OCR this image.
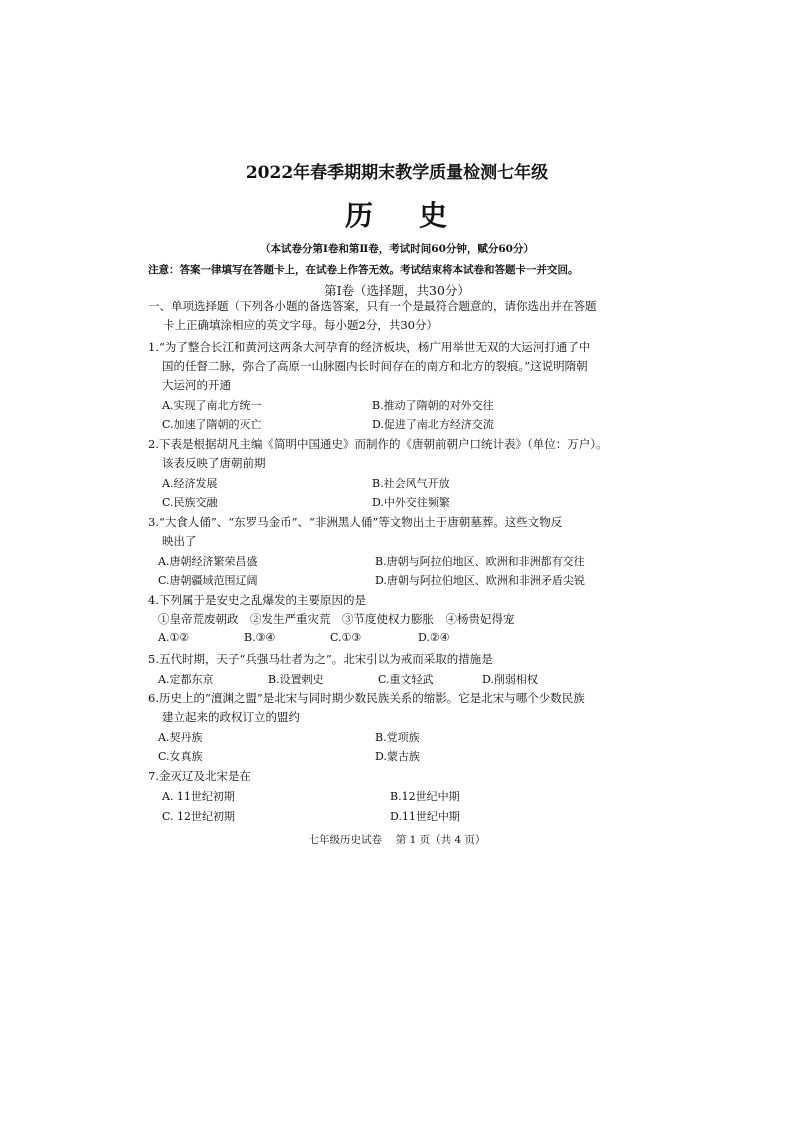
2022年春季期期末教学质量检测七年级
历 史
（本试卷分第Ⅰ卷和第Ⅱ卷，考试时间60分钟，赋分60分）
注意：答案一律填写在答题卡上，在试卷上作答无效。考试结束将本试卷和答题卡一并交回。
第Ⅰ卷（选择题，共30分）
一、单项选择题（下列各小题的备选答案，只有一个是最符合题意的，请你选出并在答题
卡上正确填涂相应的英文字母。每小题2分，共30分）
1.“为了整合长江和黄河这两条大河孕育的经济板块，杨广用举世无双的大运河打通了中
国的任督二脉，弥合了高原一山脉圈内长时间存在的南方和北方的裂痕。”这说明隋朝
大运河的开通
A.实现了南北方统一	B.推动了隋朝的对外交往
C.加速了隋朝的灭亡	D.促进了南北方经济交流
2.下表是根据胡凡主编《简明中国通史》而制作的《唐朝前朝户口统计表》（单位：万户）。
该表反映了唐朝前期
A.经济发展	B.社会风气开放
C.民族交融	D.中外交往频繁
3.“大食人俑”、“东罗马金币”、“非洲黑人俑”等文物出土于唐朝墓葬。这些文物反
映出了
A.唐朝经济繁荣昌盛	B.唐朝与阿拉伯地区、欧洲和非洲都有交往
C.唐朝疆域范围辽阔	D.唐朝与阿拉伯地区、欧洲和非洲矛盾尖锐
4.下列属于是安史之乱爆发的主要原因的是
①皇帝荒废朝政　②发生严重灾荒　③节度使权力膨胀　④杨贵妃得宠
A.①②	B.③④	C.①③	D.②④
5.五代时期，天子“兵强马壮者为之”。北宋引以为戒而采取的措施是
A.定都东京	B.设置剌史	C.重文轻武	D.削弱相权
6.历史上的“澶渊之盟”是北宋与同时期少数民族关系的缩影。它是北宋与哪个少数民族
建立起来的政权订立的盟约
A.契丹族	B.党项族
C.女真族	D.蒙古族
7.金灭辽及北宋是在
A. 11世纪初期	B.12世纪中期
C. 12世纪初期	D.11世纪中期
七年级历史试卷　 第 1 页（共 4 页）
